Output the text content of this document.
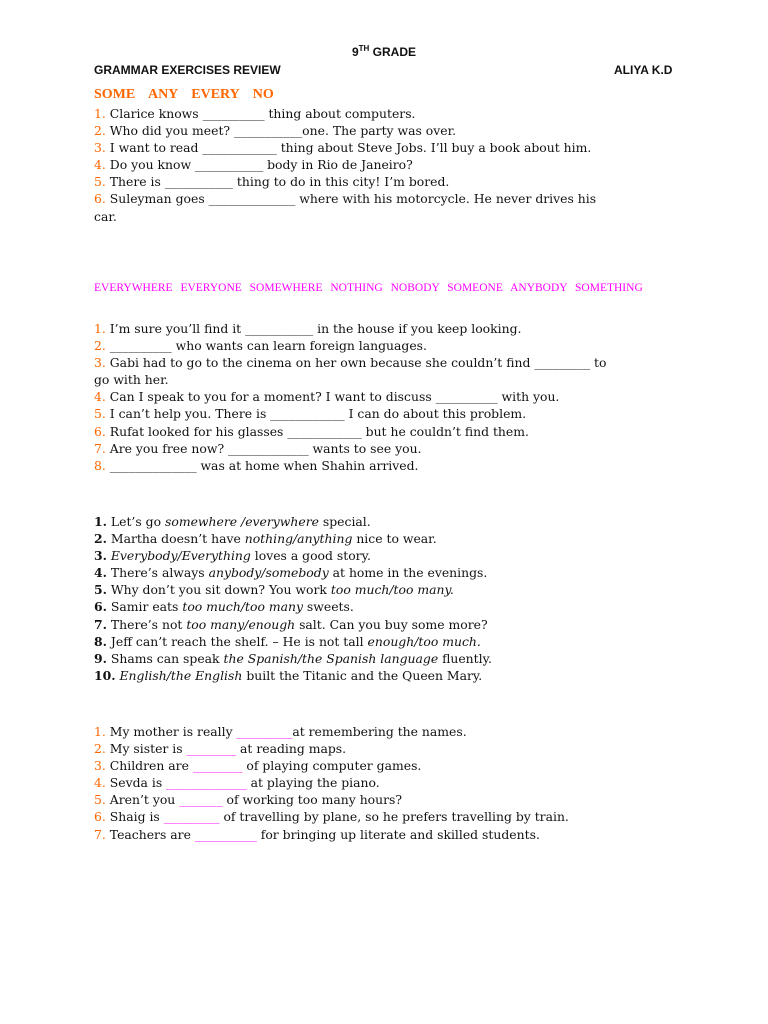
9TH GRADE
GRAMMAR EXERCISES REVIEW	ALIYA K.D
SOME ANY EVERY NO

1. Clarice knows __________ thing about computers.

2. Who did you meet? ___________one. The party was over.

3. I want to read ____________ thing about Steve Jobs. I’ll buy a book about him.

4. Do you know ___________ body in Rio de Janeiro?

5. There is ___________ thing to do in this city! I’m bored.

6. Suleyman goes ______________ where with his motorcycle. He never drives his car.

EVERYWHERE EVERYONE SOMEWHERE NOTHING NOBODY SOMEONE ANYBODY SOMETHING

1. I’m sure you’ll find it ___________ in the house if you keep looking.

2. __________ who wants can learn foreign languages.

3. Gabi had to go to the cinema on her own because she couldn’t find _________ to go with her.

4. Can I speak to you for a moment? I want to discuss __________ with you.

5. I can’t help you. There is ____________ I can do about this problem.

6. Rufat looked for his glasses ____________ but he couldn’t find them.

7. Are you free now? _____________ wants to see you.

8. ______________ was at home when Shahin arrived.

1. Let’s go somewhere /everywhere special.

2. Martha doesn’t have nothing/anything nice to wear.

3. Everybody/Everything loves a good story.

4. There’s always anybody/somebody at home in the evenings.

5. Why don’t you sit down? You work too much/too many.

6. Samir eats too much/too many sweets.

7. There’s not too many/enough salt. Can you buy some more?

8. Jeff can’t reach the shelf. – He is not tall enough/too much.

9. Shams can speak the Spanish/the Spanish language fluently.

10. English/the English built the Titanic and the Queen Mary.

1. My mother is really _________at remembering the names.

2. My sister is ________ at reading maps.

3. Children are ________ of playing computer games.

4. Sevda is _____________ at playing the piano.

5. Aren’t you _______ of working too many hours?

6. Shaig is _________ of travelling by plane, so he prefers travelling by train.

7. Teachers are __________ for bringing up literate and skilled students.
